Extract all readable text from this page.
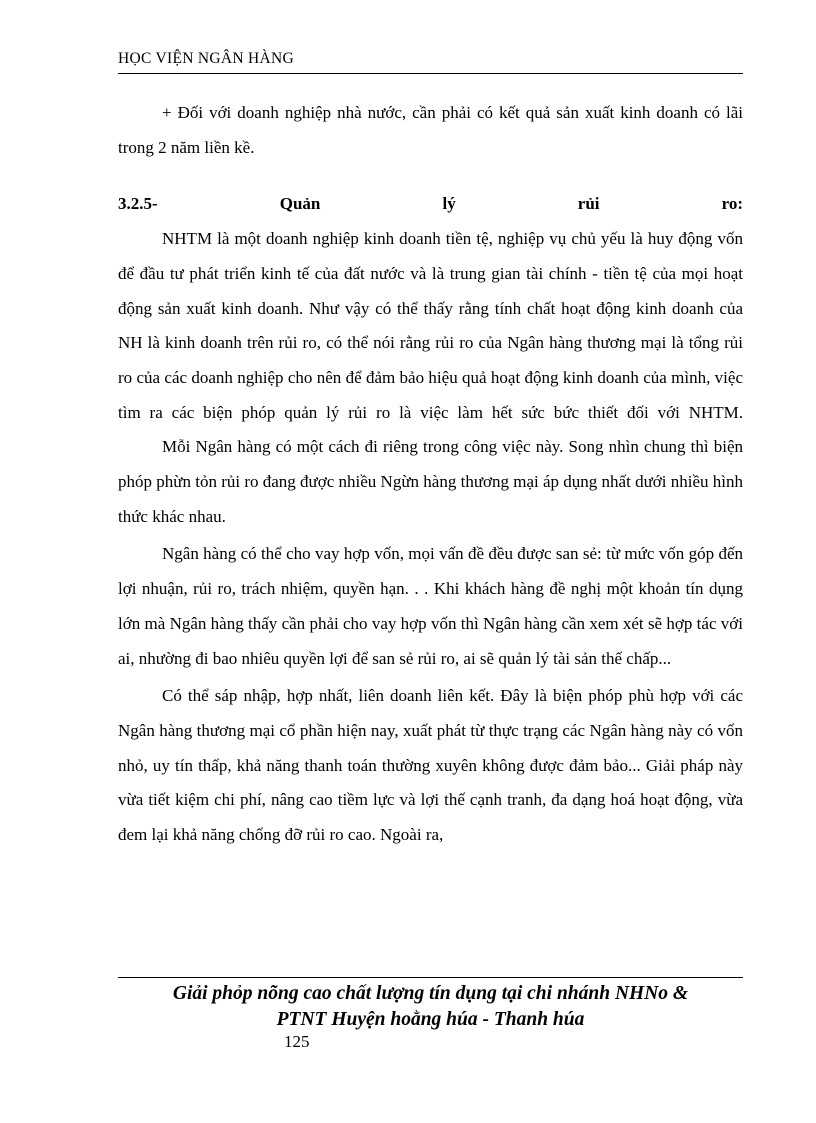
HỌC VIỆN NGÂN HÀNG

+ Đối với doanh nghiệp nhà nước, cần phải có kết quả sản xuất kinh doanh có lãi trong 2 năm liền kề.

3.2.5-	Quản	lý	rủi	ro:

NHTM là một doanh nghiệp kinh doanh tiền tệ, nghiệp vụ chủ yếu là huy động vốn để đầu tư phát triển kinh tế của đất nước và là trung gian tài chính - tiền tệ của mọi hoạt động sản xuất kinh doanh. Như vậy có thể thấy rằng tính chất hoạt động kinh doanh của NH là kinh doanh trên rủi ro, có thể nói rằng rủi ro của Ngân hàng thương mại là tổng rủi ro của các doanh nghiệp cho nên để đảm bảo hiệu quả hoạt động kinh doanh của mình, việc tìm ra các biện phóp quản lý rủi ro là việc làm hết sức bức thiết đối với NHTM.

Mỗi Ngân hàng có một cách đi riêng trong công việc này. Song nhìn chung thì biện phóp phừn tỏn rủi ro đang được nhiều Ngừn hàng thương mại áp dụng nhất dưới nhiều hình thức khác nhau.

Ngân hàng có thể cho vay hợp vốn, mọi vấn đề đều được san sẻ: từ mức vốn góp đến lợi nhuận, rủi ro, trách nhiệm, quyền hạn. . . Khi khách hàng đề nghị một khoản tín dụng lớn mà Ngân hàng thấy cần phải cho vay hợp vốn thì Ngân hàng cần xem xét sẽ hợp tác với ai, nhường đi bao nhiêu quyền lợi để san sẻ rủi ro, ai sẽ quản lý tài sản thế chấp...

Có thể sáp nhập, hợp nhất, liên doanh liên kết. Đây là biện phóp phù hợp với các Ngân hàng thương mại cổ phần hiện nay, xuất phát từ thực trạng các Ngân hàng này có vốn nhỏ, uy tín thấp, khả năng thanh toán thường xuyên không được đảm bảo... Giải pháp này vừa tiết kiệm chi phí, nâng cao tiềm lực và lợi thế cạnh tranh, đa dạng hoá hoạt động, vừa đem lại khả năng chống đỡ rủi ro cao. Ngoài ra,

Giải phỏp nõng cao chất lượng tín dụng tại chi nhánh NHNo &
PTNT Huyện hoằng húa - Thanh húa
125
